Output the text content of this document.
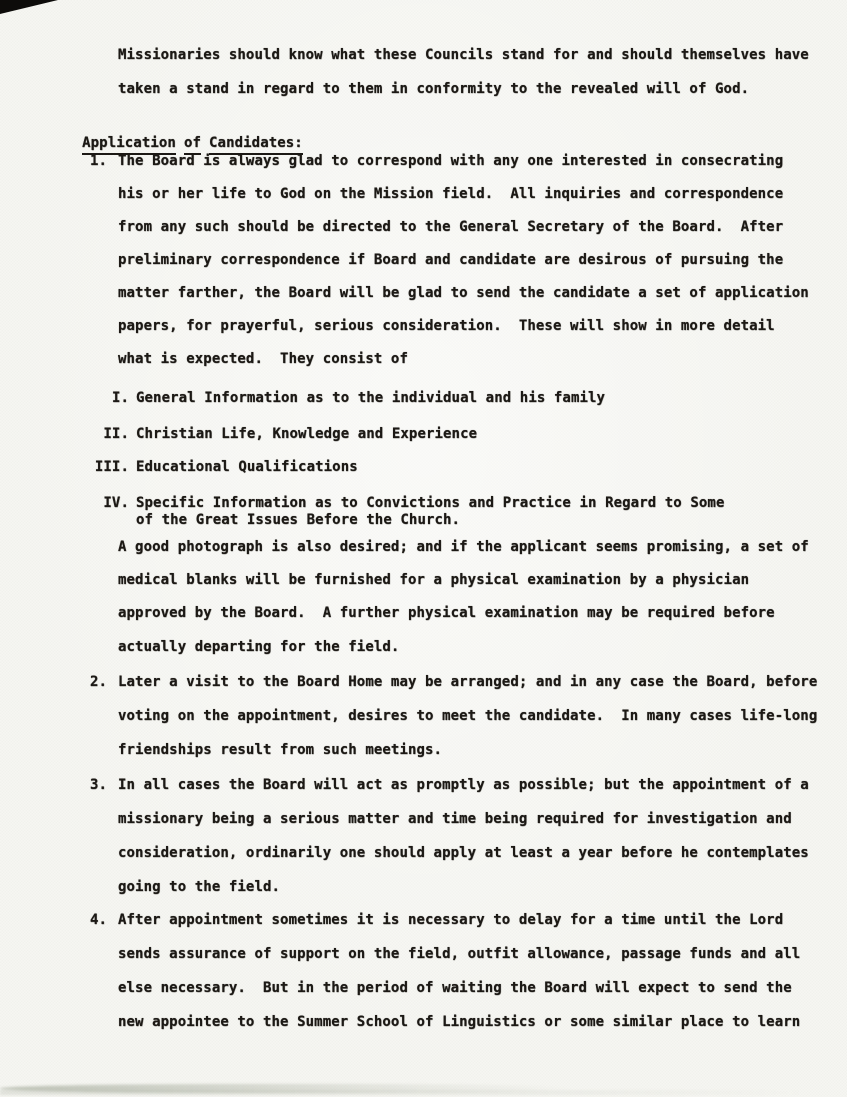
Missionaries should know what these Councils stand for and should themselves have
taken a stand in regard to them in conformity to the revealed will of God.

Application of Candidates:

1. The Board is always glad to correspond with any one interested in consecrating
his or her life to God on the Mission field.  All inquiries and correspondence
from any such should be directed to the General Secretary of the Board.  After
preliminary correspondence if Board and candidate are desirous of pursuing the
matter farther, the Board will be glad to send the candidate a set of application
papers, for prayerful, serious consideration.  These will show in more detail
what is expected.  They consist of
I. General Information as to the individual and his family
II. Christian Life, Knowledge and Experience
III. Educational Qualifications
IV. Specific Information as to Convictions and Practice in Regard to Some
of the Great Issues Before the Church.
A good photograph is also desired; and if the applicant seems promising, a set of
medical blanks will be furnished for a physical examination by a physician
approved by the Board.  A further physical examination may be required before
actually departing for the field.
2. Later a visit to the Board Home may be arranged; and in any case the Board, before
voting on the appointment, desires to meet the candidate.  In many cases life-long
friendships result from such meetings.
3. In all cases the Board will act as promptly as possible; but the appointment of a
missionary being a serious matter and time being required for investigation and
consideration, ordinarily one should apply at least a year before he contemplates
going to the field.
4. After appointment sometimes it is necessary to delay for a time until the Lord
sends assurance of support on the field, outfit allowance, passage funds and all
else necessary.  But in the period of waiting the Board will expect to send the
new appointee to the Summer School of Linguistics or some similar place to learn
